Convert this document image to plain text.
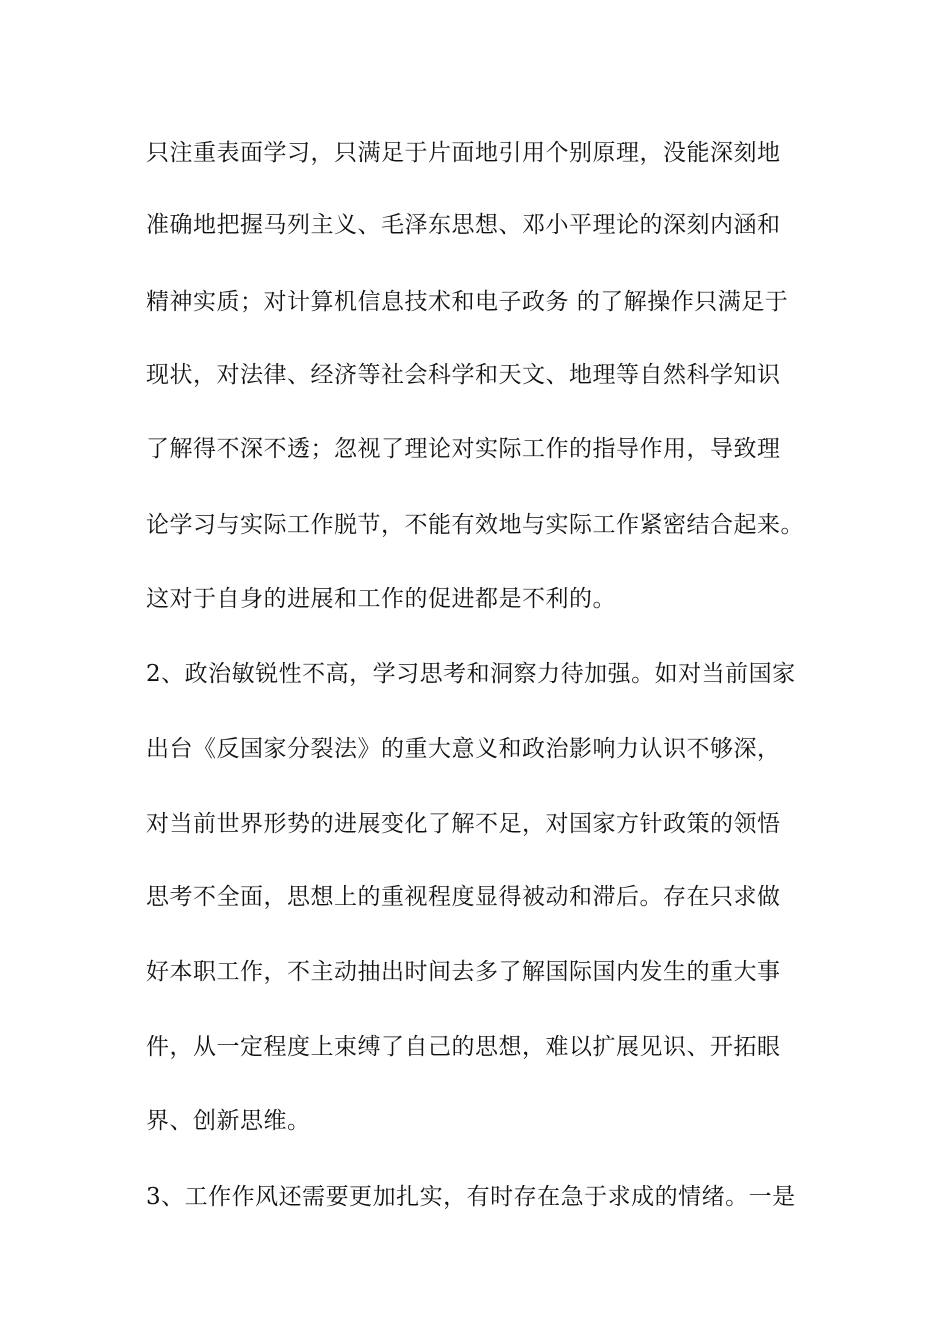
只注重表面学习，只满足于片面地引用个别原理，没能深刻地
准确地把握马列主义、毛泽东思想、邓小平理论的深刻内涵和
精神实质；对计算机信息技术和电子政务 的了解操作只满足于
现状，对法律、经济等社会科学和天文、地理等自然科学知识
了解得不深不透；忽视了理论对实际工作的指导作用，导致理
论学习与实际工作脱节，不能有效地与实际工作紧密结合起来。
这对于自身的进展和工作的促进都是不利的。
2、政治敏锐性不高，学习思考和洞察力待加强。如对当前国家
出台《反国家分裂法》的重大意义和政治影响力认识不够深，
对当前世界形势的进展变化了解不足，对国家方针政策的领悟
思考不全面，思想上的重视程度显得被动和滞后。存在只求做
好本职工作，不主动抽出时间去多了解国际国内发生的重大事
件，从一定程度上束缚了自己的思想，难以扩展见识、开拓眼
界、创新思维。
3、工作作风还需要更加扎实，有时存在急于求成的情绪。一是
